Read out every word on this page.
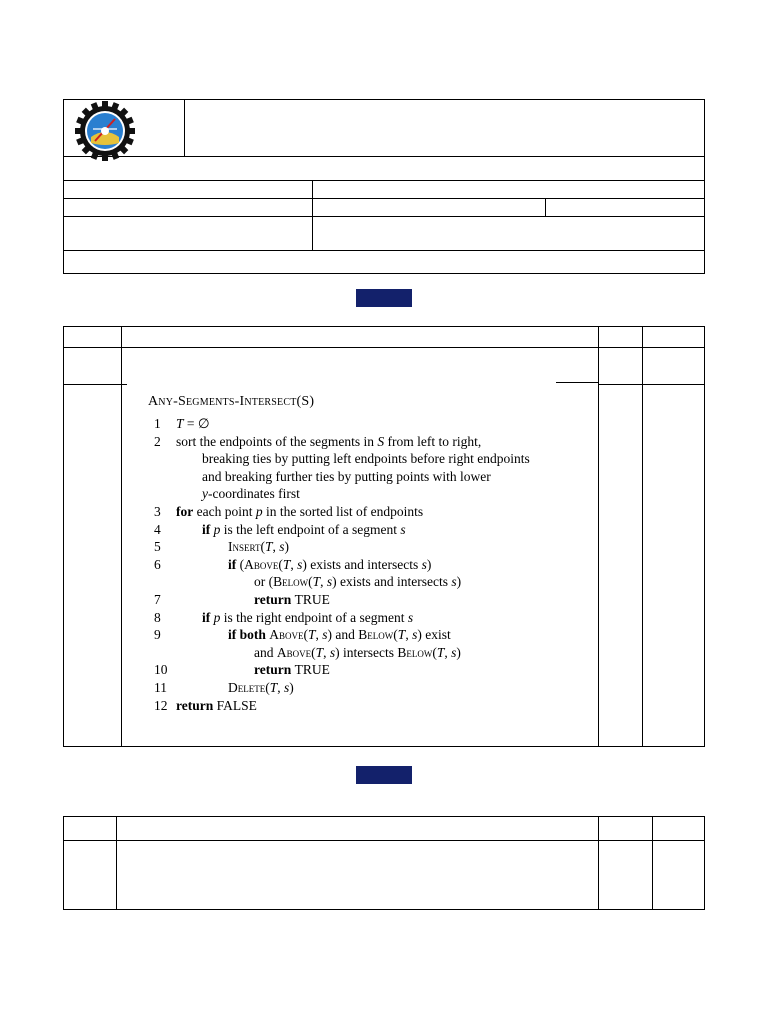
Any-Segments-Intersect(S)
1 T = ∅
2 sort the endpoints of the segments in S from left to right,
breaking ties by putting left endpoints before right endpoints
and breaking further ties by putting points with lower
y-coordinates first
3 for each point p in the sorted list of endpoints
4	if p is the left endpoint of a segment s
5	Insert(T, s)
6	if (Above(T, s) exists and intersects s)
or (Below(T, s) exists and intersects s)
7	return TRUE
8	if p is the right endpoint of a segment s
9	if both Above(T, s) and Below(T, s) exist
and Above(T, s) intersects Below(T, s)
10	return TRUE
11	Delete(T, s)
12 return FALSE
